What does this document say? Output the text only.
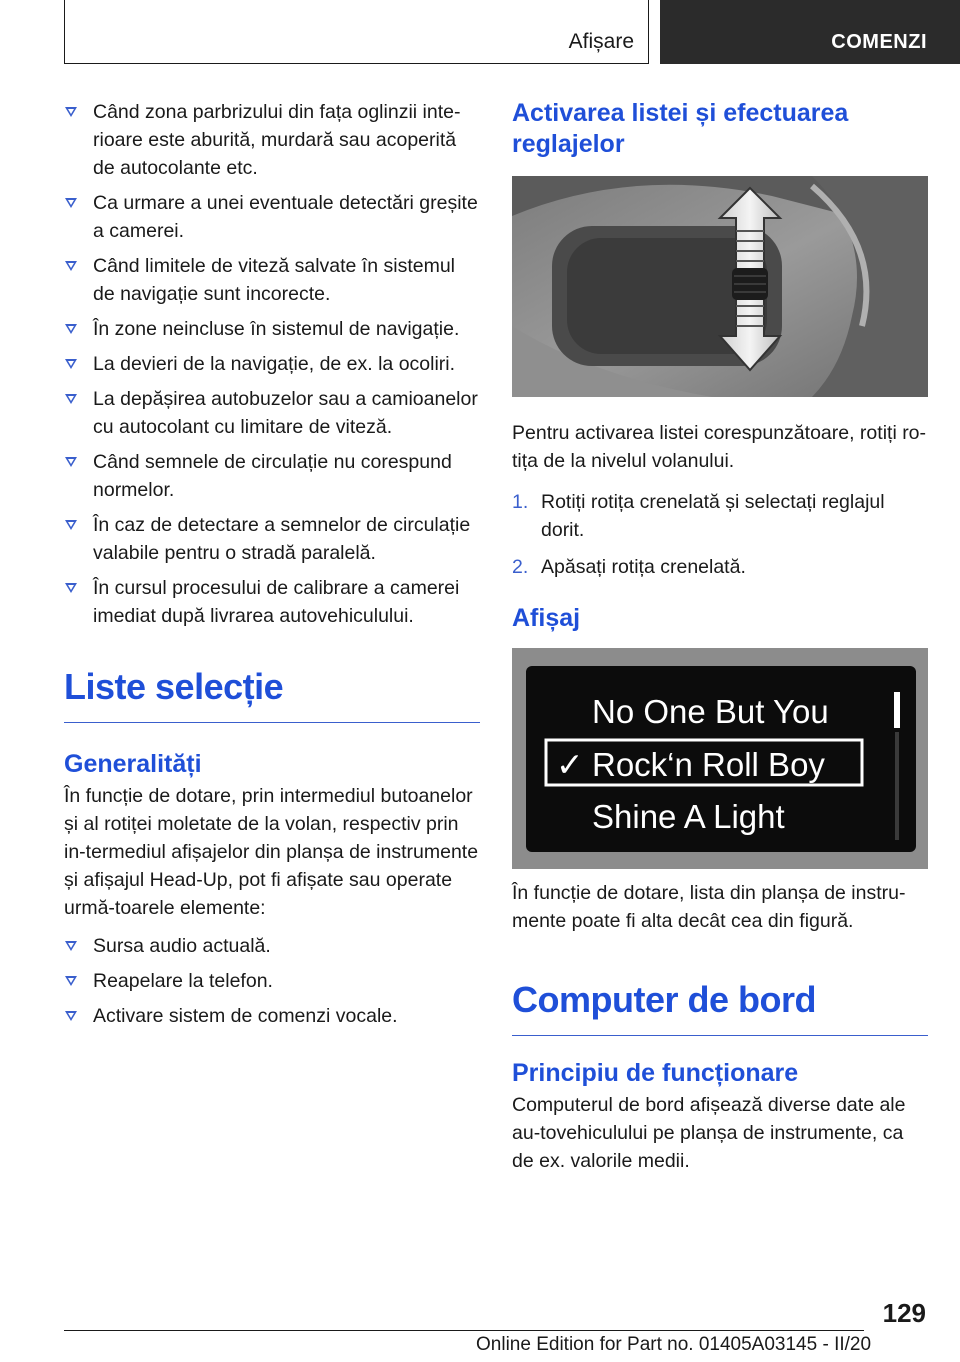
Afișare	COMENZI
Când zona parbrizului din fața oglinzii inte-rioare este aburită, murdară sau acoperită de autocolante etc.
Ca urmare a unei eventuale detectări greșite a camerei.
Când limitele de viteză salvate în sistemul de navigație sunt incorecte.
În zone neincluse în sistemul de navigație.
La devieri de la navigație, de ex. la ocoliri.
La depășirea autobuzelor sau a camioanelor cu autocolant cu limitare de viteză.
Când semnele de circulație nu corespund normelor.
În caz de detectare a semnelor de circulație valabile pentru o stradă paralelă.
În cursul procesului de calibrare a camerei imediat după livrarea autovehiculului.
Liste selecție
Generalități

În funcție de dotare, prin intermediul butoanelor și al rotiței moletate de la volan, respectiv prin in-termediul afișajelor din planșa de instrumente și afișajul Head-Up, pot fi afișate sau operate urmă-toarele elemente:

Sursa audio actuală.
Reapelare la telefon.
Activare sistem de comenzi vocale.
Activarea listei și efectuarea reglajelor

Pentru activarea listei corespunzătoare, rotiți ro-tița de la nivelul volanului.

1. Rotiți rotița crenelată și selectați reglajul dorit.
2. Apăsați rotița crenelată.
Afișaj
No One But You
✓ Rock‘n Roll Boy
Shine A Light

În funcție de dotare, lista din planșa de instru-mente poate fi alta decât cea din figură.

Computer de bord
Principiu de funcționare

Computerul de bord afișează diverse date ale au-tovehiculului pe planșa de instrumente, ca de ex. valorile medii.

129
Online Edition for Part no. 01405A03145 - II/20
